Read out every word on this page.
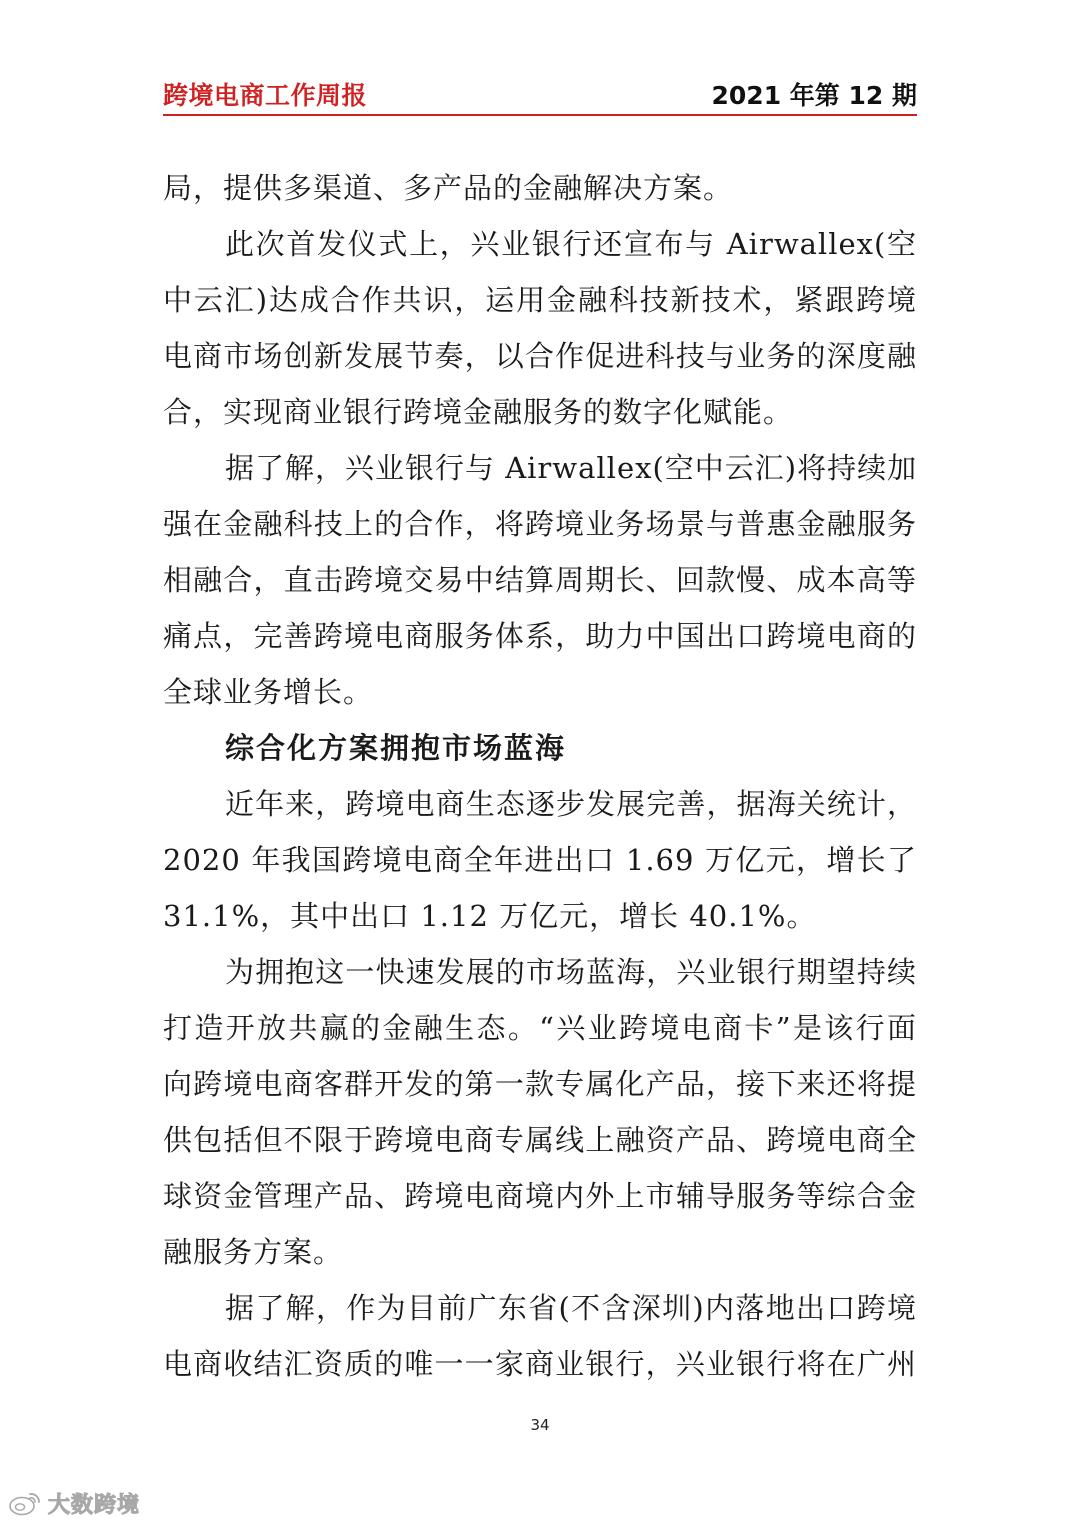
跨境电商工作周报	2021 年第 12 期
局，提供多渠道、多产品的金融解决方案。
此次首发仪式上，兴业银行还宣布与 Airwallex(空
中云汇)达成合作共识，运用金融科技新技术，紧跟跨境
电商市场创新发展节奏，以合作促进科技与业务的深度融
合，实现商业银行跨境金融服务的数字化赋能。
据了解，兴业银行与 Airwallex(空中云汇)将持续加
强在金融科技上的合作，将跨境业务场景与普惠金融服务
相融合，直击跨境交易中结算周期长、回款慢、成本高等
痛点，完善跨境电商服务体系，助力中国出口跨境电商的
全球业务增长。
综合化方案拥抱市场蓝海
近年来，跨境电商生态逐步发展完善，据海关统计，
2020 年我国跨境电商全年进出口 1.69 万亿元，增长了
31.1%，其中出口 1.12 万亿元，增长 40.1%。
为拥抱这一快速发展的市场蓝海，兴业银行期望持续
打造开放共赢的金融生态。“兴业跨境电商卡”是该行面
向跨境电商客群开发的第一款专属化产品，接下来还将提
供包括但不限于跨境电商专属线上融资产品、跨境电商全
球资金管理产品、跨境电商境内外上市辅导服务等综合金
融服务方案。
据了解，作为目前广东省(不含深圳)内落地出口跨境
电商收结汇资质的唯一一家商业银行，兴业银行将在广州
34
大数跨境
